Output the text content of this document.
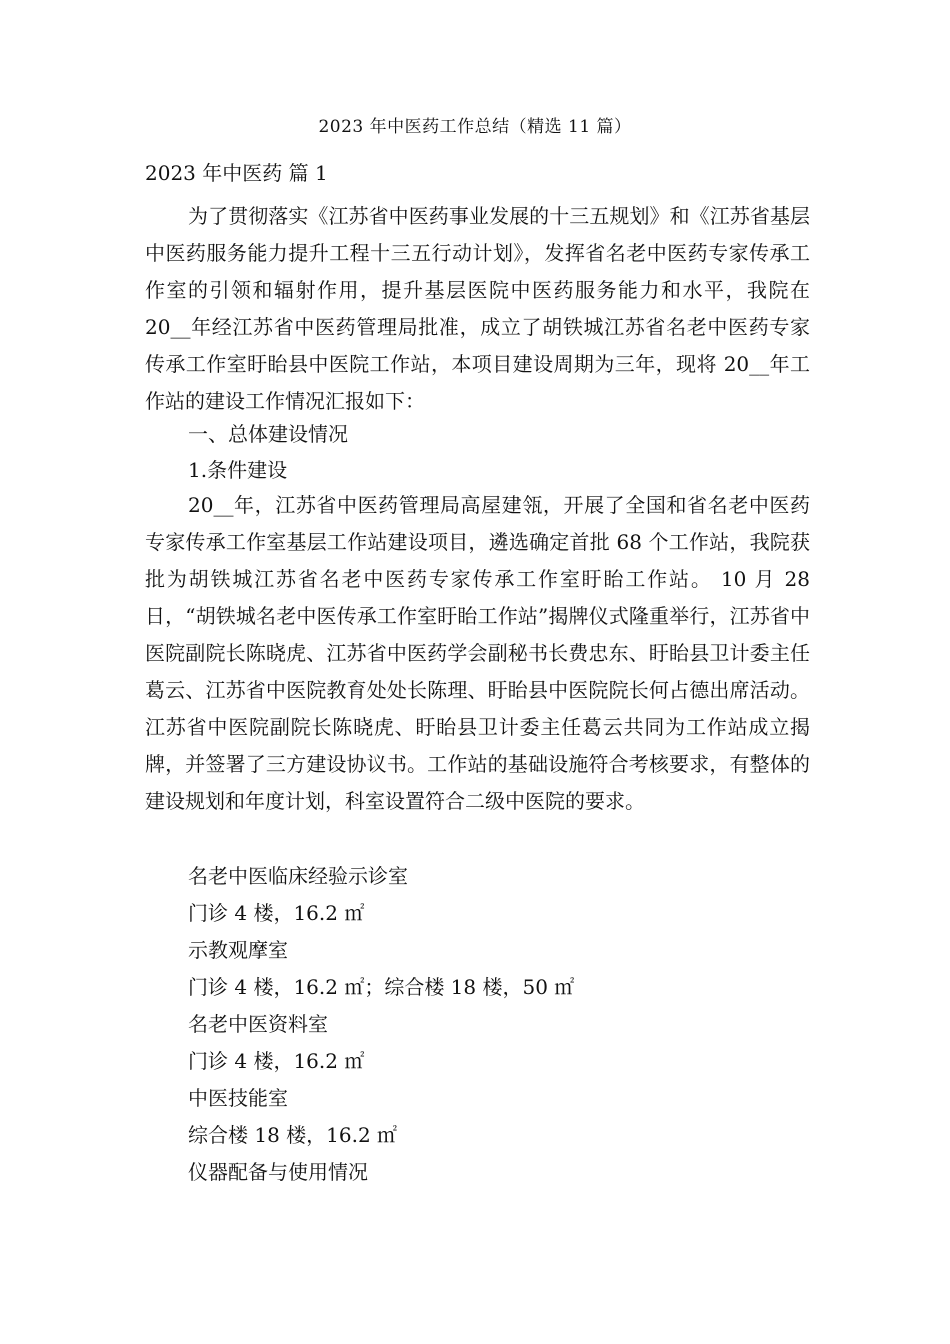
2023 年中医药工作总结（精选 11 篇）
2023 年中医药 篇 1
为了贯彻落实《江苏省中医药事业发展的十三五规划》和《江苏省基层中医药服务能力提升工程十三五行动计划》，发挥省名老中医药专家传承工作室的引领和辐射作用，提升基层医院中医药服务能力和水平，我院在 20__年经江苏省中医药管理局批准，成立了胡铁城江苏省名老中医药专家传承工作室盱眙县中医院工作站，本项目建设周期为三年，现将 20__年工作站的建设工作情况汇报如下：
一、总体建设情况
1.条件建设
20__年，江苏省中医药管理局高屋建瓴，开展了全国和省名老中医药专家传承工作室基层工作站建设项目，遴选确定首批 68 个工作站，我院获批为胡铁城江苏省名老中医药专家传承工作室盱眙工作站。 10 月 28 日，“胡铁城名老中医传承工作室盱眙工作站”揭牌仪式隆重举行，江苏省中医院副院长陈晓虎、江苏省中医药学会副秘书长费忠东、盱眙县卫计委主任葛云、江苏省中医院教育处处长陈理、盱眙县中医院院长何占德出席活动。江苏省中医院副院长陈晓虎、盱眙县卫计委主任葛云共同为工作站成立揭牌，并签署了三方建设协议书。工作站的基础设施符合考核要求，有整体的建设规划和年度计划，科室设置符合二级中医院的要求。
名老中医临床经验示诊室
门诊 4 楼，16.2 ㎡
示教观摩室
门诊 4 楼，16.2 ㎡；综合楼 18 楼，50 ㎡
名老中医资料室
门诊 4 楼，16.2 ㎡
中医技能室
综合楼 18 楼，16.2 ㎡
仪器配备与使用情况
